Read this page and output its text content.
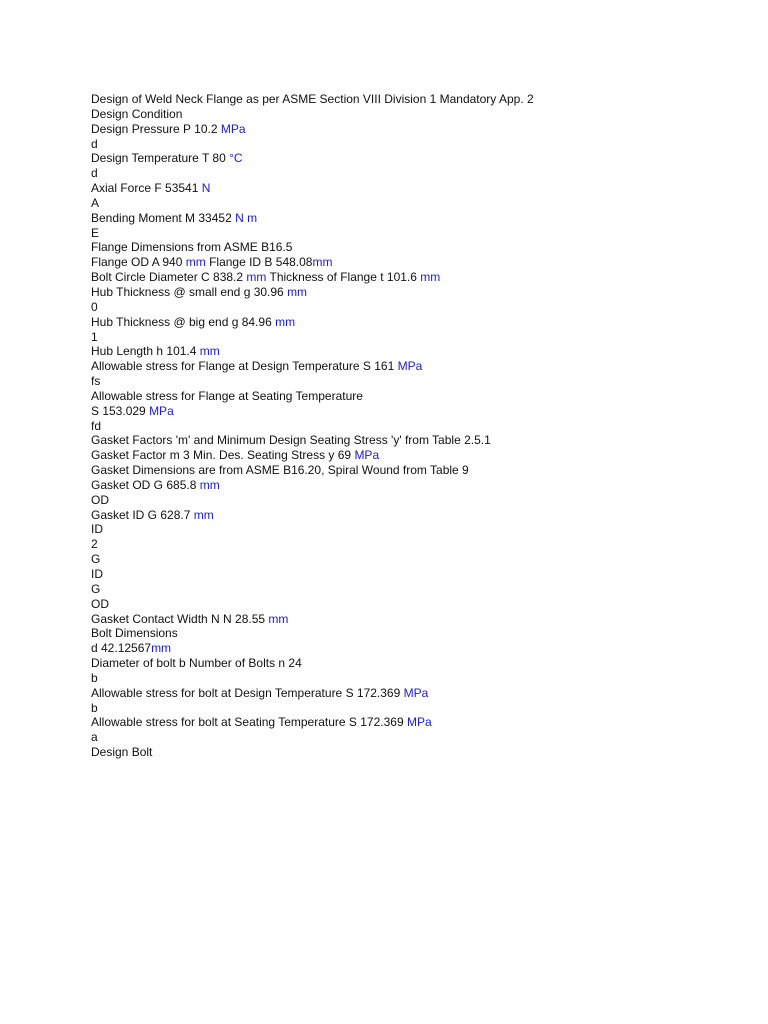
Design of Weld Neck Flange as per ASME Section VIII Division 1 Mandatory App. 2
Design Condition
Design Pressure P 10.2 MPa
d
Design Temperature T 80 °C
d
Axial Force F 53541 N
A
Bending Moment M 33452 N m
E
Flange Dimensions from ASME B16.5
Flange OD A 940 mm Flange ID B 548.08mm
Bolt Circle Diameter C 838.2 mm Thickness of Flange t 101.6 mm
Hub Thickness @ small end g 30.96 mm
0
Hub Thickness @ big end g 84.96 mm
1
Hub Length h 101.4 mm
Allowable stress for Flange at Design Temperature S 161 MPa
fs
Allowable stress for Flange at Seating Temperature
S 153.029 MPa
fd
Gasket Factors 'm' and Minimum Design Seating Stress 'y' from Table 2.5.1
Gasket Factor m 3 Min. Des. Seating Stress y 69 MPa
Gasket Dimensions are from ASME B16.20, Spiral Wound from Table 9
Gasket OD G 685.8 mm
OD
Gasket ID G 628.7 mm
ID
2
G
ID
G
OD
Gasket Contact Width N N 28.55 mm
Bolt Dimensions
d 42.12567mm
Diameter of bolt b Number of Bolts n 24
b
Allowable stress for bolt at Design Temperature S 172.369 MPa
b
Allowable stress for bolt at Seating Temperature S 172.369 MPa
a
Design Bolt
